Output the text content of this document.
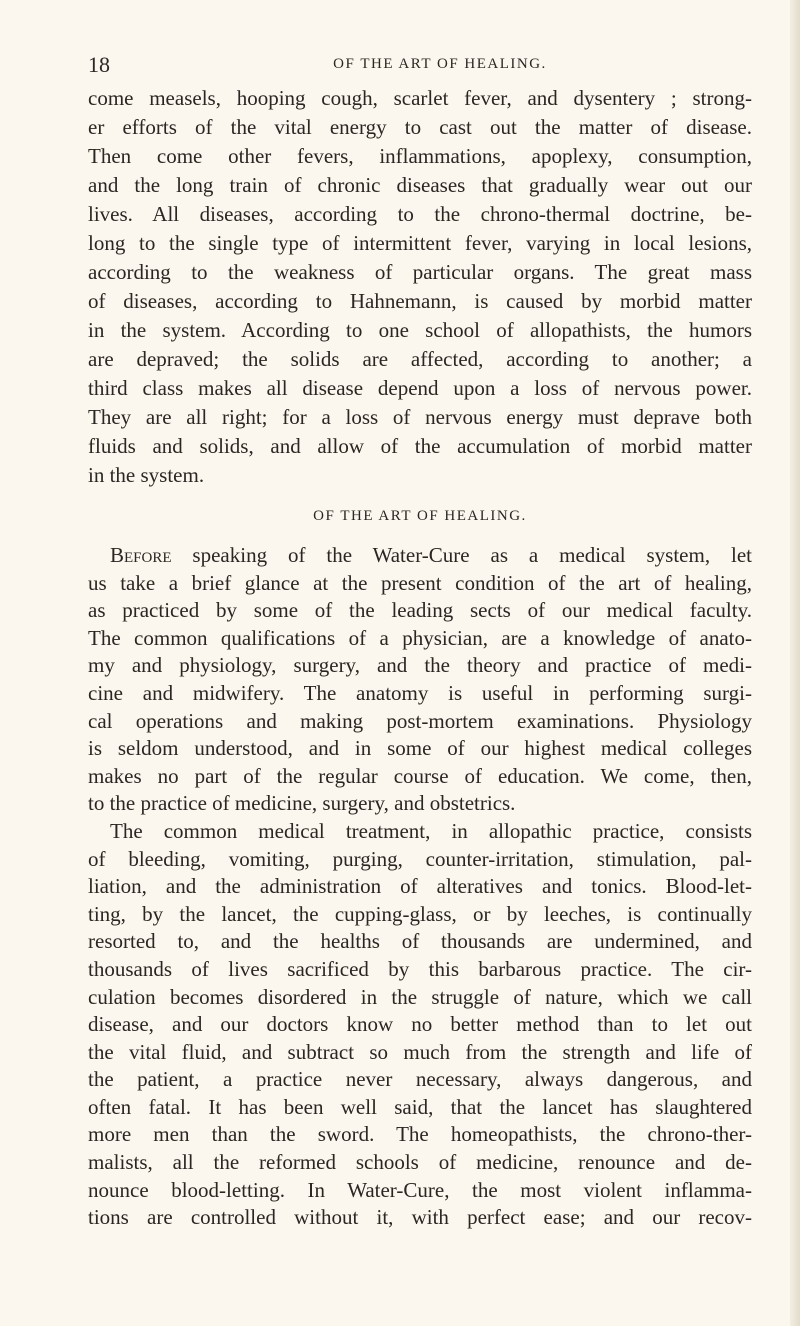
18	OF THE ART OF HEALING.
come measels, hooping cough, scarlet fever, and dysentery ; strong-
er efforts of the vital energy to cast out the matter of disease.
Then come other fevers, inflammations, apoplexy, consumption,
and the long train of chronic diseases that gradually wear out our
lives. All diseases, according to the chrono-thermal doctrine, be-
long to the single type of intermittent fever, varying in local lesions,
according to the weakness of particular organs. The great mass
of diseases, according to Hahnemann, is caused by morbid matter
in the system. According to one school of allopathists, the humors
are depraved; the solids are affected, according to another; a
third class makes all disease depend upon a loss of nervous power.
They are all right; for a loss of nervous energy must deprave both
fluids and solids, and allow of the accumulation of morbid matter
in the system.
OF THE ART OF HEALING.
Before speaking of the Water-Cure as a medical system, let
us take a brief glance at the present condition of the art of healing,
as practiced by some of the leading sects of our medical faculty.
The common qualifications of a physician, are a knowledge of anato-
my and physiology, surgery, and the theory and practice of medi-
cine and midwifery. The anatomy is useful in performing surgi-
cal operations and making post-mortem examinations. Physiology
is seldom understood, and in some of our highest medical colleges
makes no part of the regular course of education. We come, then,
to the practice of medicine, surgery, and obstetrics.
The common medical treatment, in allopathic practice, consists
of bleeding, vomiting, purging, counter-irritation, stimulation, pal-
liation, and the administration of alteratives and tonics. Blood-let-
ting, by the lancet, the cupping-glass, or by leeches, is continually
resorted to, and the healths of thousands are undermined, and
thousands of lives sacrificed by this barbarous practice. The cir-
culation becomes disordered in the struggle of nature, which we call
disease, and our doctors know no better method than to let out
the vital fluid, and subtract so much from the strength and life of
the patient, a practice never necessary, always dangerous, and
often fatal. It has been well said, that the lancet has slaughtered
more men than the sword. The homeopathists, the chrono-ther-
malists, all the reformed schools of medicine, renounce and de-
nounce blood-letting. In Water-Cure, the most violent inflamma-
tions are controlled without it, with perfect ease; and our recov-
